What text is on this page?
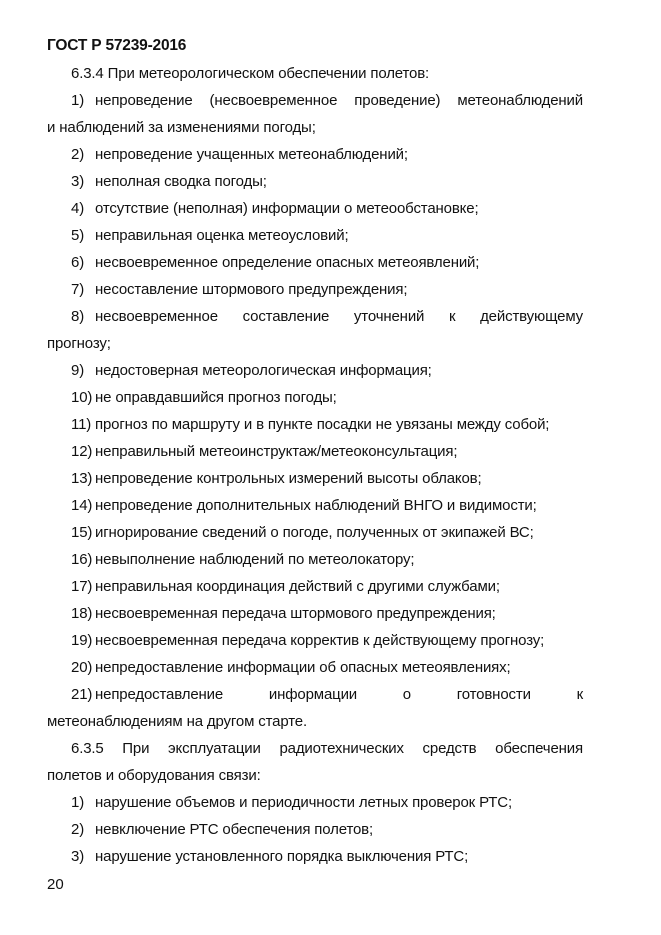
ГОСТ Р 57239-2016
6.3.4 При метеорологическом обеспечении полетов:
1) непроведение (несвоевременное проведение) метеонаблюдений
и наблюдений за изменениями погоды;
2) непроведение учащенных метеонаблюдений;
3) неполная сводка погоды;
4) отсутствие (неполная) информации о метеообстановке;
5) неправильная оценка метеоусловий;
6) несвоевременное определение опасных метеоявлений;
7) несоставление штормового предупреждения;
8) несвоевременное составление уточнений к действующему
прогнозу;
9) недостоверная метеорологическая информация;
10) не оправдавшийся прогноз погоды;
11) прогноз по маршруту и в пункте посадки не увязаны между собой;
12) неправильный метеоинструктаж/метеоконсультация;
13) непроведение контрольных измерений высоты облаков;
14) непроведение дополнительных наблюдений ВНГО и видимости;
15) игнорирование сведений о погоде, полученных от экипажей ВС;
16) невыполнение наблюдений по метеолокатору;
17) неправильная координация действий с другими службами;
18) несвоевременная передача штормового предупреждения;
19) несвоевременная передача корректив к действующему прогнозу;
20) непредоставление информации об опасных метеоявлениях;
21) непредоставление информации о готовности к
метеонаблюдениям на другом старте.
6.3.5 При эксплуатации радиотехнических средств обеспечения
полетов и оборудования связи:
1) нарушение объемов и периодичности летных проверок РТС;
2) невключение РТС обеспечения полетов;
3) нарушение установленного порядка выключения РТС;
20
